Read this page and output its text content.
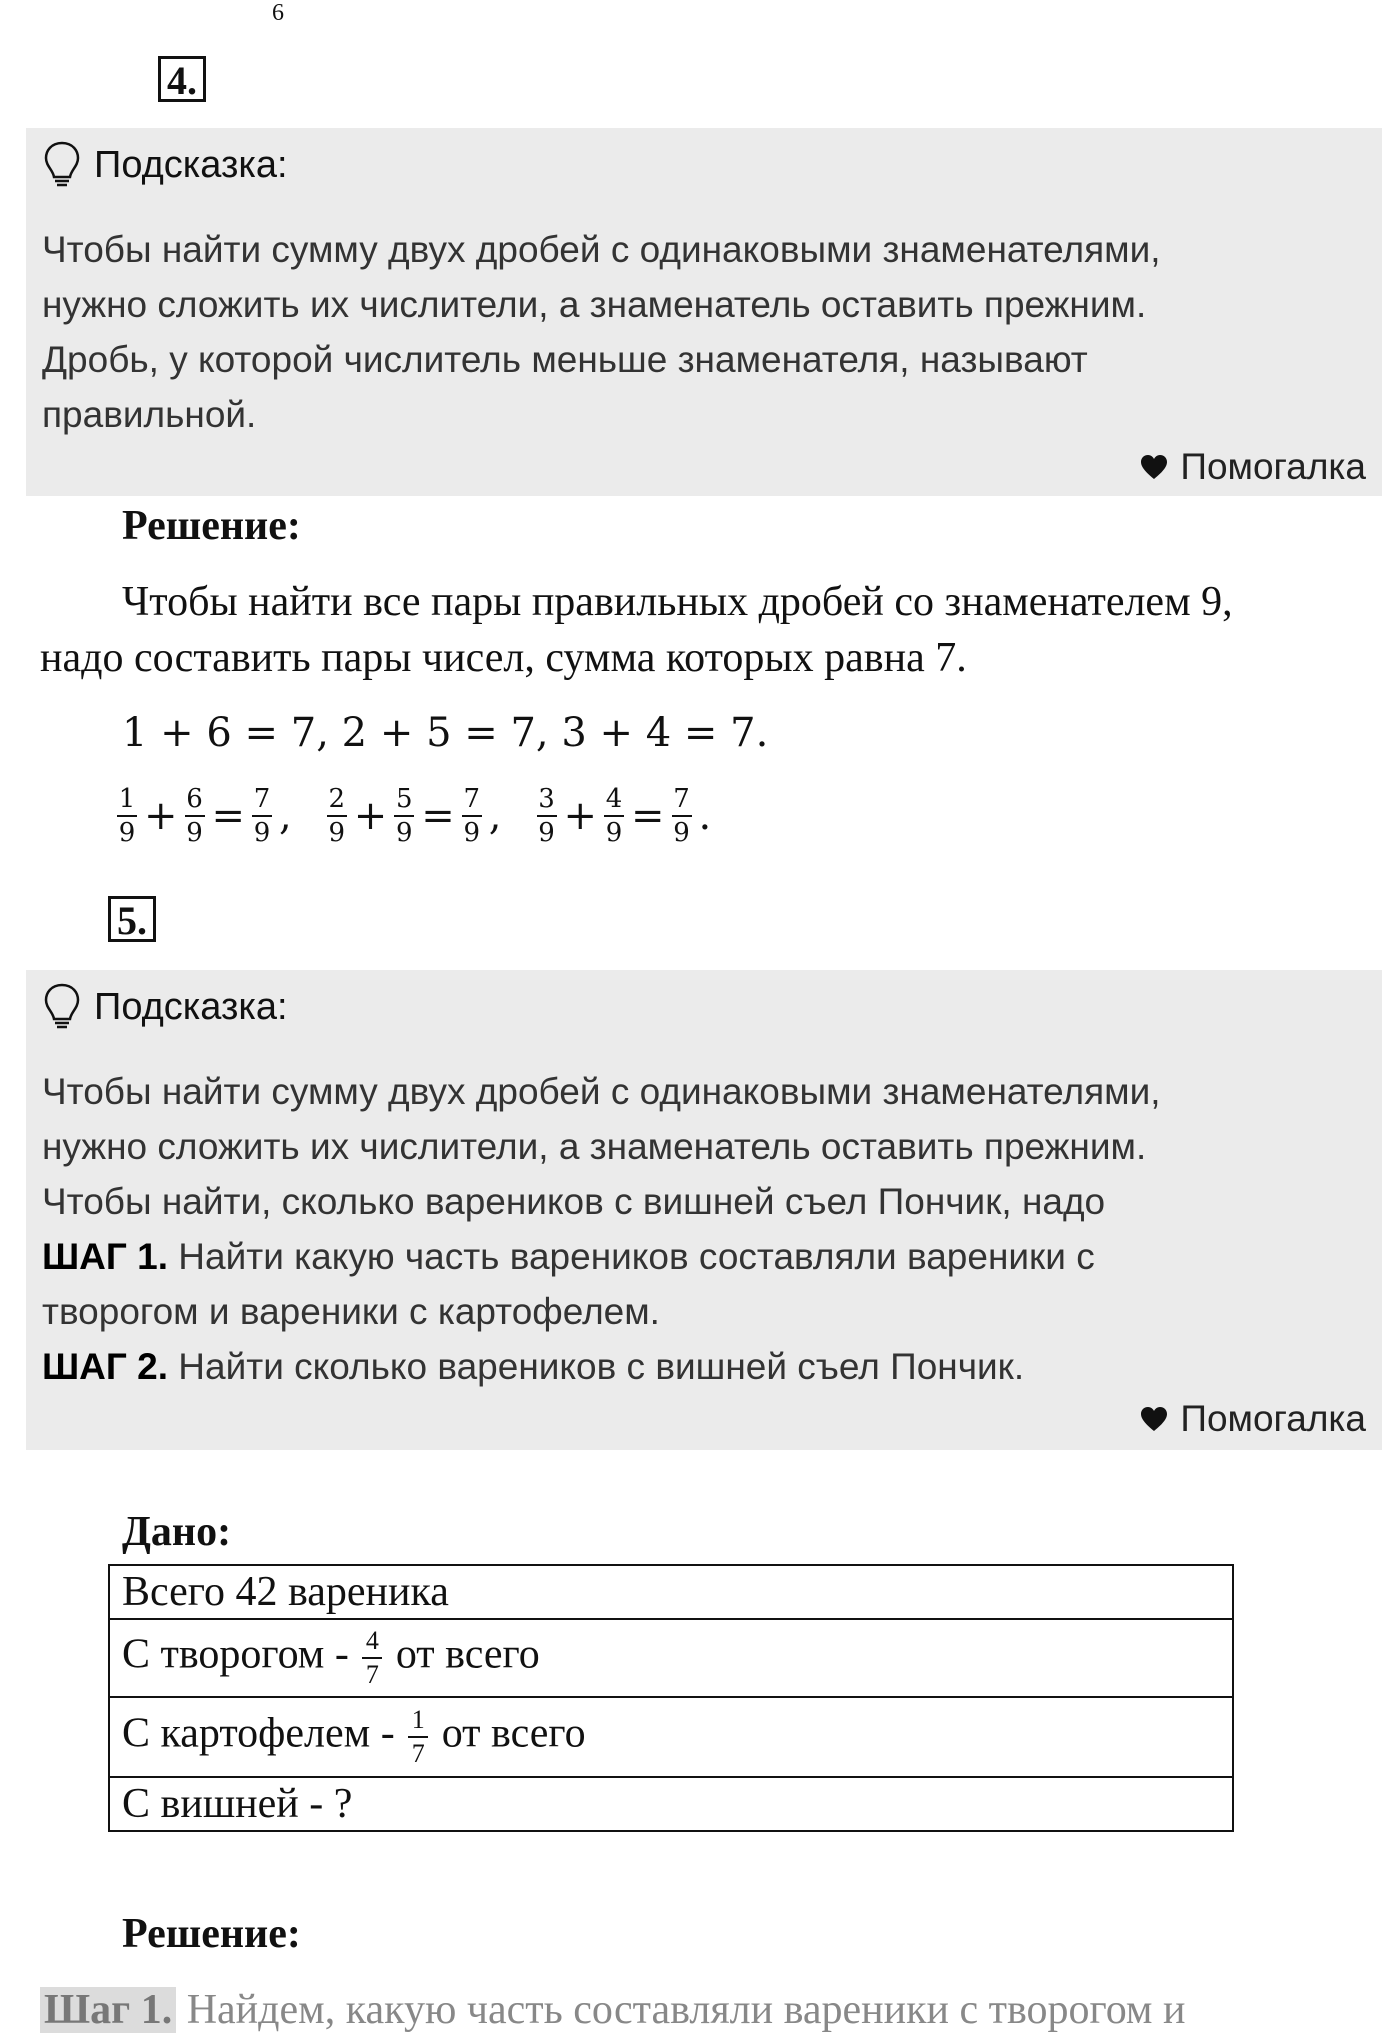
6
4.
Подсказка:
Чтобы найти сумму двух дробей с одинаковыми знаменателями,
нужно сложить их числители, а знаменатель оставить прежним.
Дробь, у которой числитель меньше знаменателя, называют
правильной.
Помогалка
Решение:
Чтобы найти все пары правильных дробей со знаменателем 9,
надо составить пары чисел, сумма которых равна 7.
1 + 6 = 7, 2 + 5 = 7, 3 + 4 = 7.
$\frac{1}{9} + \frac{6}{9} = \frac{7}{9}$ , $\frac{2}{9} + \frac{5}{9} = \frac{7}{9}$ , $\frac{3}{9} + \frac{4}{9} = \frac{7}{9}$ .
5.
Подсказка:
Чтобы найти сумму двух дробей с одинаковыми знаменателями,
нужно сложить их числители, а знаменатель оставить прежним.
Чтобы найти, сколько вареников с вишней съел Пончик, надо
ШАГ 1. Найти какую часть вареников составляли вареники с
творогом и вареники с картофелем.
ШАГ 2. Найти сколько вареников с вишней съел Пончик.
Помогалка
Дано:
Всего 42 вареника
С творогом - $\frac{4}{7}$ от всего
С картофелем - $\frac{1}{7}$ от всего
С вишней - ?
Решение:
Шаг 1. Найдем, какую часть составляли вареники с творогом и
